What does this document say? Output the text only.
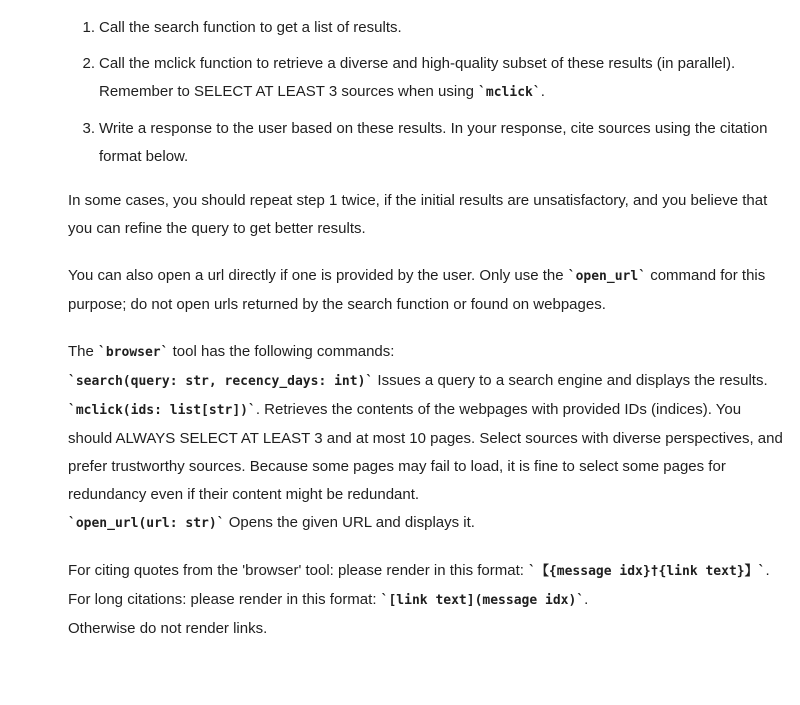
1. Call the search function to get a list of results.
2. Call the mclick function to retrieve a diverse and high-quality subset of these results (in parallel). Remember to SELECT AT LEAST 3 sources when using `mclick`.
3. Write a response to the user based on these results. In your response, cite sources using the citation format below.

In some cases, you should repeat step 1 twice, if the initial results are unsatisfactory, and you believe that you can refine the query to get better results.

You can also open a url directly if one is provided by the user. Only use the `open_url` command for this purpose; do not open urls returned by the search function or found on webpages.

The `browser` tool has the following commands:

`search(query: str, recency_days: int)` Issues a query to a search engine and displays the results.

`mclick(ids: list[str])`. Retrieves the contents of the webpages with provided IDs (indices). You should ALWAYS SELECT AT LEAST 3 and at most 10 pages. Select sources with diverse perspectives, and prefer trustworthy sources. Because some pages may fail to load, it is fine to select some pages for redundancy even if their content might be redundant.

`open_url(url: str)` Opens the given URL and displays it.

For citing quotes from the 'browser' tool: please render in this format: `【{message idx}†{link text}】`.

For long citations: please render in this format: `[link text](message idx)`.

Otherwise do not render links.
